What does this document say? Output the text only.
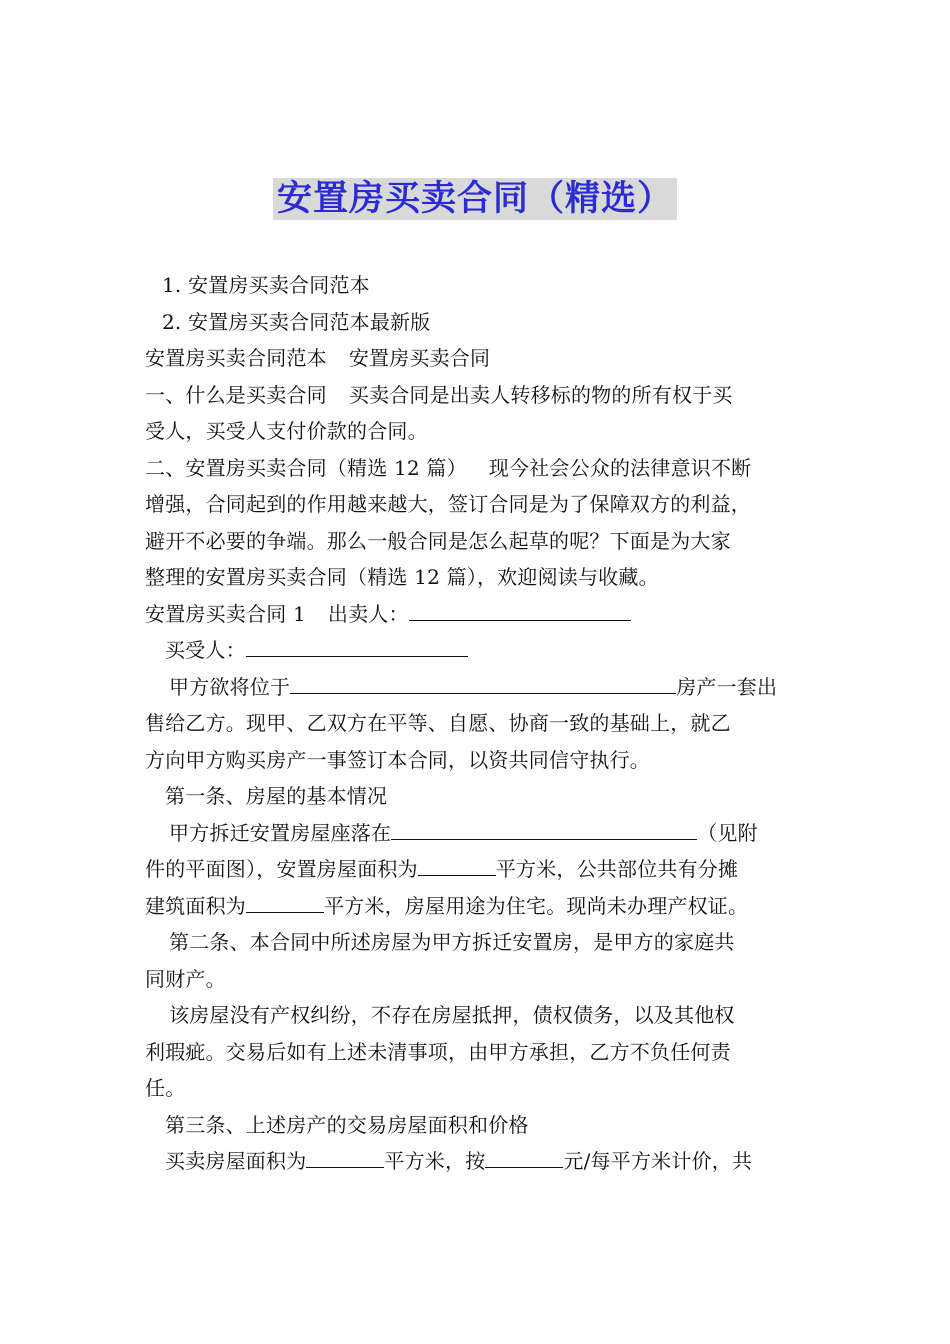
安置房买卖合同（精选）
1. 安置房买卖合同范本
2. 安置房买卖合同范本最新版
安置房买卖合同范本 安置房买卖合同
一、什么是买卖合同 买卖合同是出卖人转移标的物的所有权于买
受人，买受人支付价款的合同。
二、安置房买卖合同（精选 12 篇） 现今社会公众的法律意识不断
增强，合同起到的作用越来越大，签订合同是为了保障双方的利益，
避开不必要的争端。那么一般合同是怎么起草的呢？下面是为大家
整理的安置房买卖合同（精选 12 篇），欢迎阅读与收藏。
安置房买卖合同 1 出卖人：
买受人：
甲方欲将位于	房产一套出
售给乙方。现甲、乙双方在平等、自愿、协商一致的基础上，就乙
方向甲方购买房产一事签订本合同，以资共同信守执行。
第一条、房屋的基本情况
甲方拆迁安置房屋座落在	（见附
件的平面图），安置房屋面积为	平方米，公共部位共有分摊
建筑面积为	平方米，房屋用途为住宅。现尚未办理产权证。
第二条、本合同中所述房屋为甲方拆迁安置房，是甲方的家庭共
同财产。
该房屋没有产权纠纷，不存在房屋抵押，债权债务，以及其他权
利瑕疵。交易后如有上述未清事项，由甲方承担，乙方不负任何责
任。
第三条、上述房产的交易房屋面积和价格
买卖房屋面积为	平方米，按	元/每平方米计价，共
